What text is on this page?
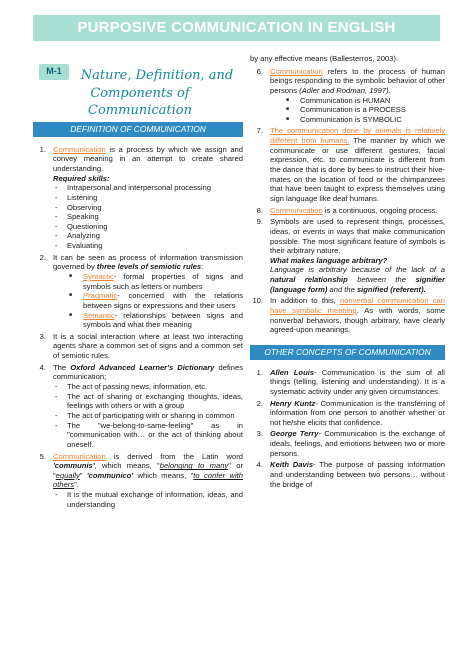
PURPOSIVE COMMUNICATION IN ENGLISH
M-1	Nature, Definition, and
Components of Communication
DEFINITION OF COMMUNICATION
1. Communication is a process by which we assign and convey meaning in an attempt to create shared understanding.
Required skills:
-	Intrapersonal and interpersonal processing
-	Listening
-	Observing
-	Speaking
-	Questioning
-	Analyzing
-	Evaluating
2. It can be seen as process of information transmission governed by three levels of semiotic rules:
■	Syntactic- formal properties of signs and symbols such as letters or numbers
■	Pragmatic- concerned with the relations between signs or expressions and their users
■	Semantic- relationships between signs and symbols and what their meaning
3. It is a social interaction where at least two interacting agents share a common set of signs and a common set of semiotic rules.
4. The Oxford Advanced Learner's Dictionary defines communication;
-	The act of passing news, information, etc.
-	The act of sharing or exchanging thoughts, ideas, feelings with others or with a group
-	The act of participating with or sharing in common
-	The "we-belong-to-same-feeling" as in "communication with… or the act of thinking about oneself.
5. Communication is derived from the Latin word 'communis', which means, "belonging to many" or "equally" 'communico' which means, "to confer with others".
-	It is the mutual exchange of information, ideas, and understanding
by any effective means (Ballesterros, 2003).
6. Communication refers to the process of human beings responding to the symbolic behavior of other persons (Adler and Rodman, 1997).
■	Communication is HUMAN
■	Communication is a PROCESS
■	Communication is SYMBOLIC
7. The communication done by animals is relatively different from humans. The manner by which we communicate or use different gestures, facial expression, etc. to communicate is different from the dance that is done by bees to instruct their hive-mates on the location of food or the chimpanzees that have been taught to express themselves using sign language like deaf humans.
8. Communication is a continuous, ongoing process.
9. Symbols are used to represent things, processes, ideas, or events in ways that make communication possible. The most significant feature of symbols is their arbitrary nature.
What makes language arbitrary?
Language is arbitrary because of the lack of a natural relationship between the signifier (language form) and the signified (referent).
10. In addition to this, nonverbal communication can have symbolic meaning. As with words, some nonverbal behaviors, though arbitrary, have clearly agreed-upon meanings.
OTHER CONCEPTS OF COMMUNICATION
1. Allen Louis- Communication is the sum of all things (telling, listening and understanding). It is a systematic activity under any given circumstances.
2. Henry Kuntz- Communication is the transferring of information from one person to another whether or not he/she elicits that confidence.
3. George Terry- Communication is the exchange of ideals, feelings, and emotions between two or more persons.
4. Keith Davis- The purpose of passing information and understanding between two persons… without the bridge of
